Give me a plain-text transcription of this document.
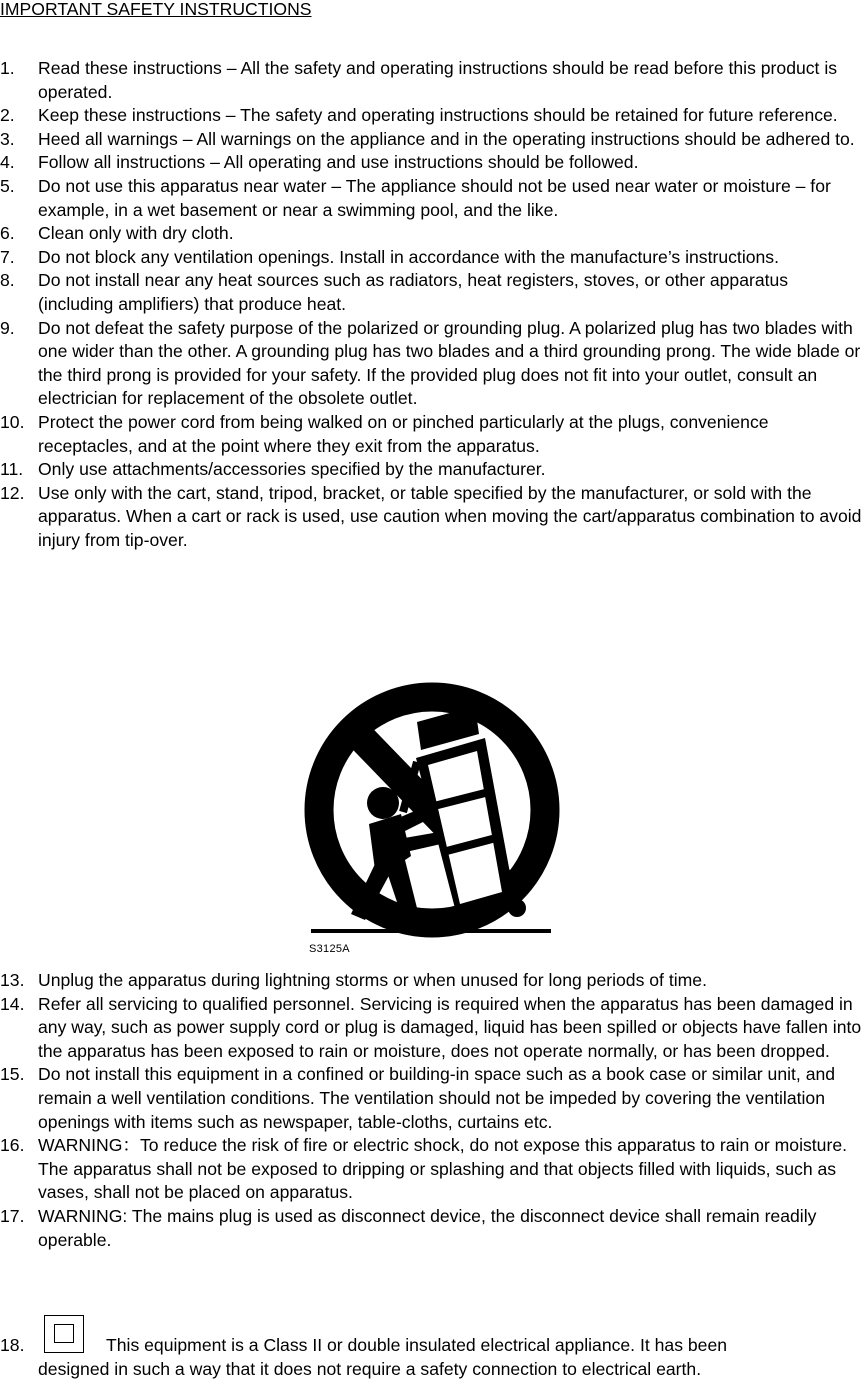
IMPORTANT SAFETY INSTRUCTIONS
1.	Read these instructions – All the safety and operating instructions should be read before this product is operated.
2.	Keep these instructions – The safety and operating instructions should be retained for future reference.
3.	Heed all warnings – All warnings on the appliance and in the operating instructions should be adhered to.
4.	Follow all instructions – All operating and use instructions should be followed.
5.	Do not use this apparatus near water – The appliance should not be used near water or moisture – for example, in a wet basement or near a swimming pool, and the like.
6.	Clean only with dry cloth.
7.	Do not block any ventilation openings. Install in accordance with the manufacture’s instructions.
8.	Do not install near any heat sources such as radiators, heat registers, stoves, or other apparatus (including amplifiers) that produce heat.
9.	Do not defeat the safety purpose of the polarized or grounding plug. A polarized plug has two blades with one wider than the other. A grounding plug has two blades and a third grounding prong. The wide blade or the third prong is provided for your safety. If the provided plug does not fit into your outlet, consult an electrician for replacement of the obsolete outlet.
10. Protect the power cord from being walked on or pinched particularly at the plugs, convenience receptacles, and at the point where they exit from the apparatus.
11. Only use attachments/accessories specified by the manufacturer.
12. Use only with the cart, stand, tripod, bracket, or table specified by the manufacturer, or sold with the apparatus. When a cart or rack is used, use caution when moving the cart/apparatus combination to avoid injury from tip-over.
S3125A
13. Unplug the apparatus during lightning storms or when unused for long periods of time.
14. Refer all servicing to qualified personnel. Servicing is required when the apparatus has been damaged in any way, such as power supply cord or plug is damaged, liquid has been spilled or objects have fallen into the apparatus has been exposed to rain or moisture, does not operate normally, or has been dropped.
15. Do not install this equipment in a confined or building-in space such as a book case or similar unit, and remain a well ventilation conditions. The ventilation should not be impeded by covering the ventilation openings with items such as newspaper, table-cloths, curtains etc.
16. WARNING：To reduce the risk of fire or electric shock, do not expose this apparatus to rain or moisture. The apparatus shall not be exposed to dripping or splashing and that objects filled with liquids, such as vases, shall not be placed on apparatus.
17. WARNING: The mains plug is used as disconnect device, the disconnect device shall remain readily operable.
18.	This equipment is a Class II or double insulated electrical appliance. It has been
designed in such a way that it does not require a safety connection to electrical earth.
